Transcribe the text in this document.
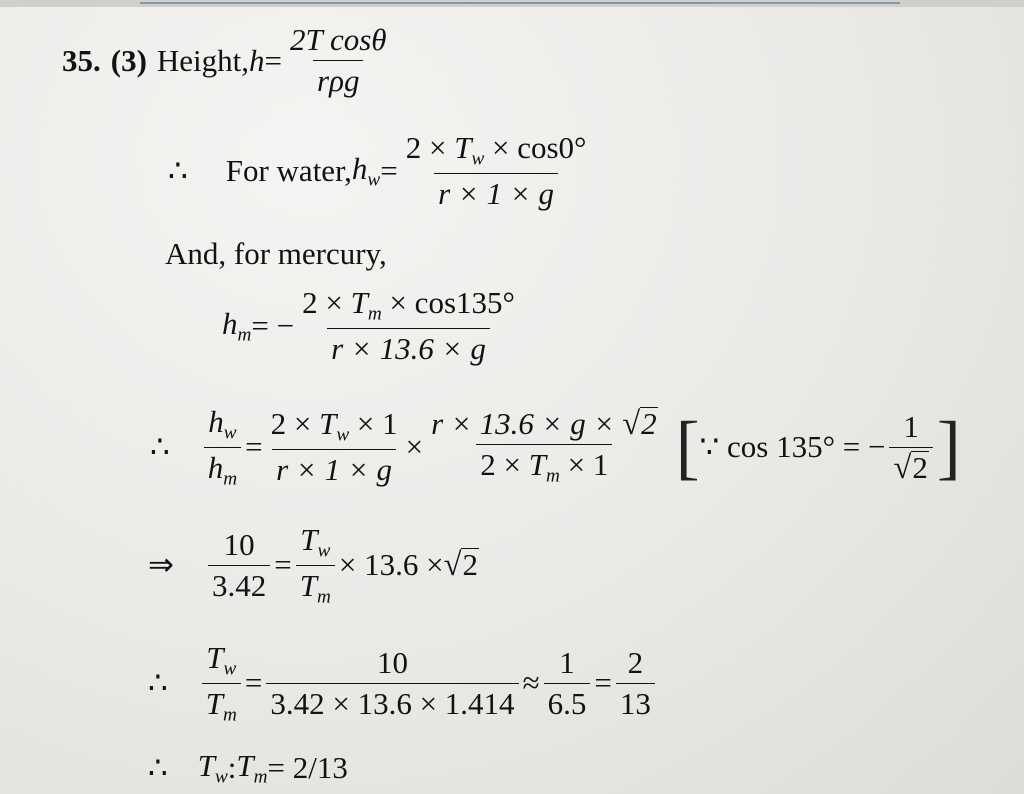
35. (3) Height, $h = \frac{\text{2T cosθ}}{\text{rρg}}$
∴ For water, $h_w = \frac{2 \times T_w \times \cos 0^\circ}{r \times 1 \times g}$
And, for mercury,
$h_m$ = − $\frac{2 \times T_m \times \cos 135^\circ}{r \times 13.6 \times g}$
∴ $\frac{h_w}{h_m} = \frac{2 \times T_w \times 1}{r \times 1 \times g} \times \frac{r \times 13.6 \times g \times √ 2}{2 \times T_m \times 1}$ [ ∵ cos 135° = − $\frac{1}{√ 2}$ ]
⇒ $\frac{10}{3.42} = \frac{T_w}{T_m} \times 13.6$ × √ 2
∴ $\frac{T_w}{T_m} = \frac{10}{3.42 \times 13.6 \times 1.414} \approx \frac{1}{6.5} = \frac{2}{13}$
∴ $T_w$ : $T_m = 2/13$
